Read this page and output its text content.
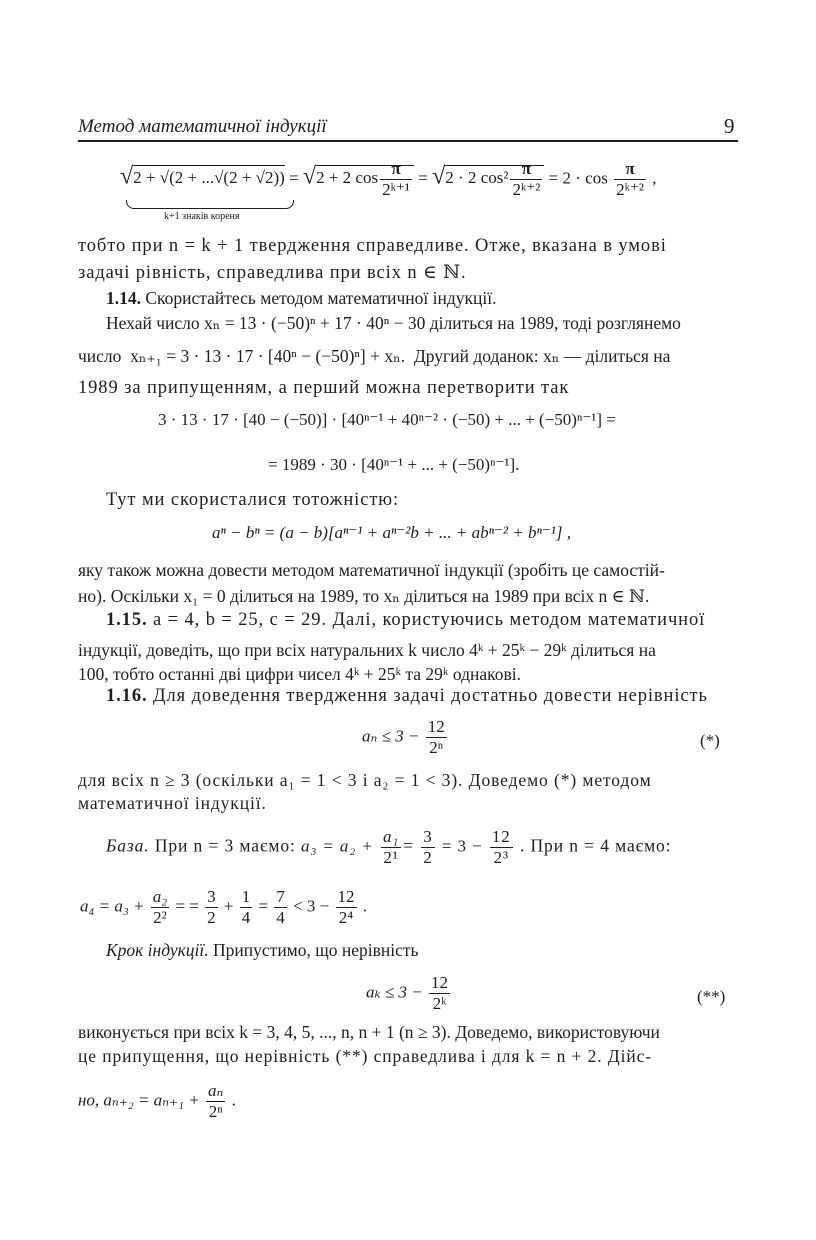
Метод математичної індукції	9
√2 + √(2 + ...√(2 + √2)) = √2 + 2 $\cos \frac{\pi}{\text{2ᵏ⁺¹}} = √2 \cdot 2$ $\cos^2 \frac{\pi}{\text{2ᵏ⁺²}} = 2 \cdot \cos \frac{\pi}{\text{2ᵏ⁺²}}$ ,
k+1 знаків кореня
тобто при n = k + 1 твердження справедливе. Отже, вказана в умові
задачі рівність, справедлива при всіх n ∈ ℕ.
1.14. Скористайтесь методом математичної індукції.
Нехай число xₙ = 13 · (−50)ⁿ + 17 · 40ⁿ − 30 ділиться на 1989, тоді розглянемо
число xₙ₊₁ = 3 · 13 · 17 · [40ⁿ − (−50)ⁿ] + xₙ. Другий доданок: xₙ — ділиться на
1989 за припущенням, а перший можна перетворити так
3 · 13 · 17 · [40 − (−50)] · [40ⁿ⁻¹ + 40ⁿ⁻² · (−50) + ... + (−50)ⁿ⁻¹] =
= 1989 · 30 · [40ⁿ⁻¹ + ... + (−50)ⁿ⁻¹].
Тут ми скористалися тотожністю:
aⁿ − bⁿ = (a − b)[aⁿ⁻¹ + aⁿ⁻²b + ... + abⁿ⁻² + bⁿ⁻¹] ,
яку також можна довести методом математичної індукції (зробіть це самостій-
но). Оскільки x₁ = 0 ділиться на 1989, то xₙ ділиться на 1989 при всіх n ∈ ℕ.
1.15. a = 4, b = 25, c = 29. Далі, користуючись методом математичної
індукції, доведіть, що при всіх натуральних k число 4ᵏ + 25ᵏ − 29ᵏ ділиться на
100, тобто останні дві цифри чисел 4ᵏ + 25ᵏ та 29ᵏ однакові.
1.16. Для доведення твердження задачі достатньо довести нерівність
$a_n \le 3 - \frac{12}{\text{2ⁿ}}$	(*)
для всіх n ≥ 3 (оскільки a₁ = 1 < 3 і a₂ = 1 < 3). Доведемо (*) методом
математичної індукції.
База. При n = 3 маємо: $a_3 = a_2 + \frac{\text{a₁}}{\text{2¹}} = \frac{3}{2} = 3 - \frac{12}{\text{2³}}$ . При n = 4 маємо:
$a_4 = a_3 + \frac{\text{a₂}}{\text{2²}}$ = = $\frac{3}{2} + \frac{1}{4} = \frac{7}{4} < 3 - \frac{12}{\text{2⁴}}$ .
Крок індукції. Припустимо, що нерівність
$a_k \le 3 - \frac{12}{\text{2ᵏ}}$	(**)
виконується при всіх k = 3, 4, 5, ..., n, n + 1 (n ≥ 3). Доведемо, використовуючи
це припущення, що нерівність (**) справедлива і для k = n + 2. Дійс-
но, $a_{n+2} = a_{n+1} + \frac{\text{aₙ}}{\text{2ⁿ}}$ .
